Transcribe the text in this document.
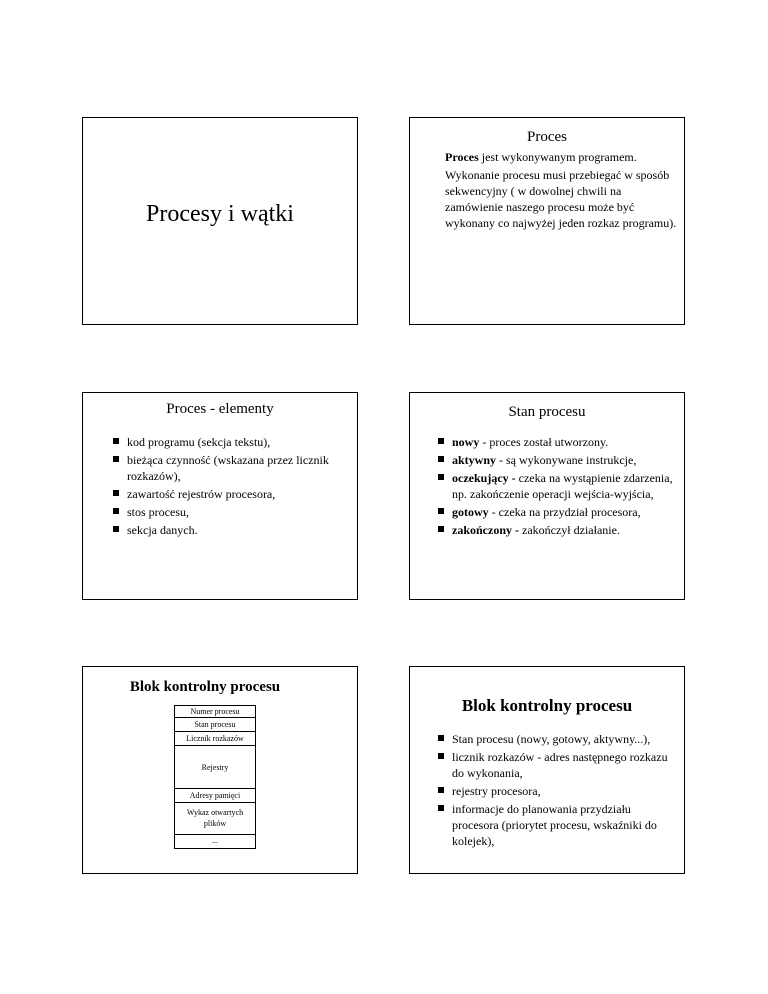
Procesy i wątki
Proces

Proces jest wykonywanym programem.

Wykonanie procesu musi przebiegać w sposób sekwencyjny ( w dowolnej chwili na zamówienie naszego procesu może być wykonany co najwyżej jeden rozkaz programu).

Proces - elementy
kod programu (sekcja tekstu),
bieżąca czynność (wskazana przez licznik rozkazów),
zawartość rejestrów procesora,
stos procesu,
sekcja danych.
Stan procesu
nowy - proces został utworzony.
aktywny - są wykonywane instrukcje,
oczekujący - czeka na wystąpienie zdarzenia, np. zakończenie operacji wejścia-wyjścia,
gotowy - czeka na przydział procesora,
zakończony - zakończył działanie.
Blok kontrolny procesu
Numer procesu
Stan procesu
Licznik rozkazów
Rejestry
Adresy pamięci
Wykaz otwartych plików
...
Blok kontrolny procesu
Stan procesu (nowy, gotowy, aktywny...),
licznik rozkazów - adres następnego rozkazu do wykonania,
rejestry procesora,
informacje do planowania przydziału procesora (priorytet procesu, wskaźniki do kolejek),
